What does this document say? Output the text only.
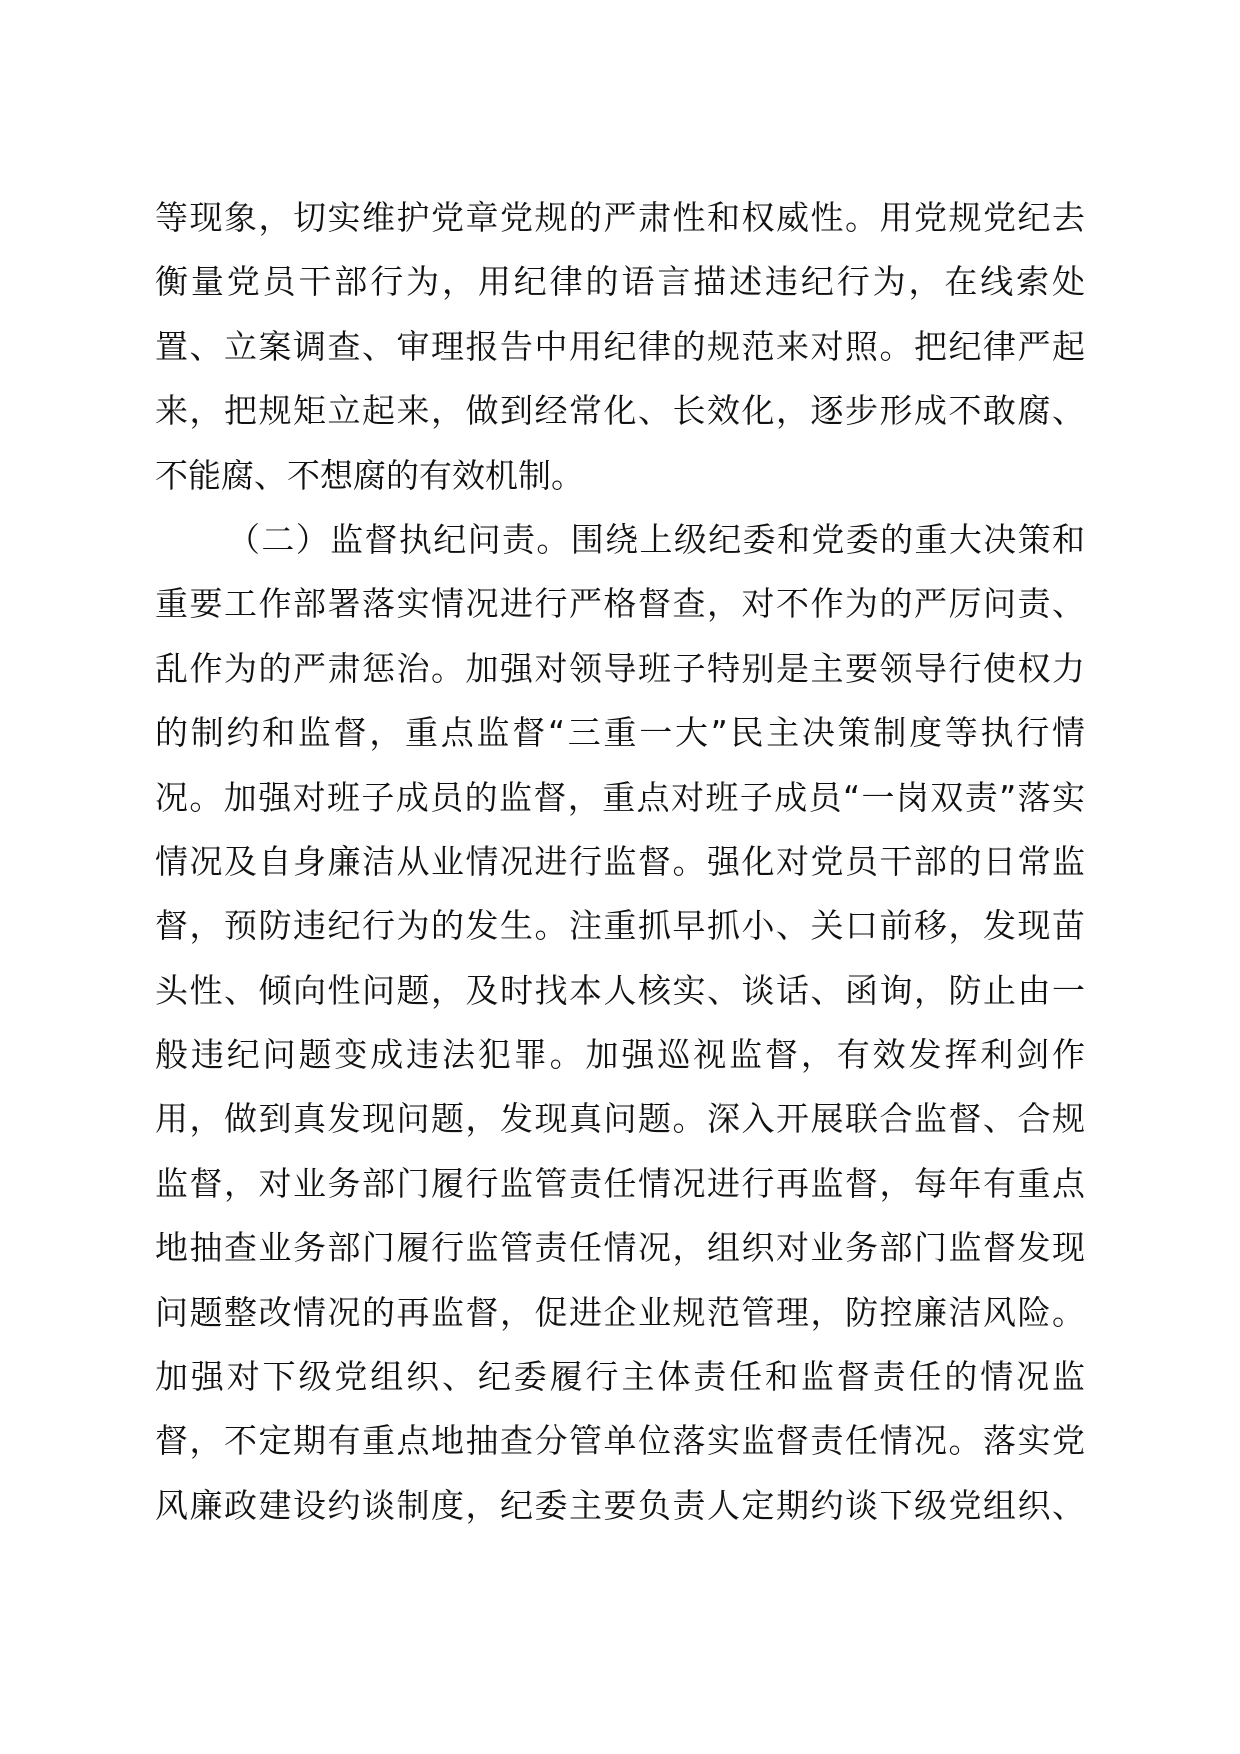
等现象，切实维护党章党规的严肃性和权威性。用党规党纪去
衡量党员干部行为，用纪律的语言描述违纪行为，在线索处
置、立案调查、审理报告中用纪律的规范来对照。把纪律严起
来，把规矩立起来，做到经常化、长效化，逐步形成不敢腐、
不能腐、不想腐的有效机制。
（二）监督执纪问责。围绕上级纪委和党委的重大决策和
重要工作部署落实情况进行严格督查，对不作为的严厉问责、
乱作为的严肃惩治。加强对领导班子特别是主要领导行使权力
的制约和监督，重点监督“三重一大”民主决策制度等执行情
况。加强对班子成员的监督，重点对班子成员“一岗双责”落实
情况及自身廉洁从业情况进行监督。强化对党员干部的日常监
督，预防违纪行为的发生。注重抓早抓小、关口前移，发现苗
头性、倾向性问题，及时找本人核实、谈话、函询，防止由一
般违纪问题变成违法犯罪。加强巡视监督，有效发挥利剑作
用，做到真发现问题，发现真问题。深入开展联合监督、合规
监督，对业务部门履行监管责任情况进行再监督，每年有重点
地抽查业务部门履行监管责任情况，组织对业务部门监督发现
问题整改情况的再监督，促进企业规范管理，防控廉洁风险。
加强对下级党组织、纪委履行主体责任和监督责任的情况监
督，不定期有重点地抽查分管单位落实监督责任情况。落实党
风廉政建设约谈制度，纪委主要负责人定期约谈下级党组织、
